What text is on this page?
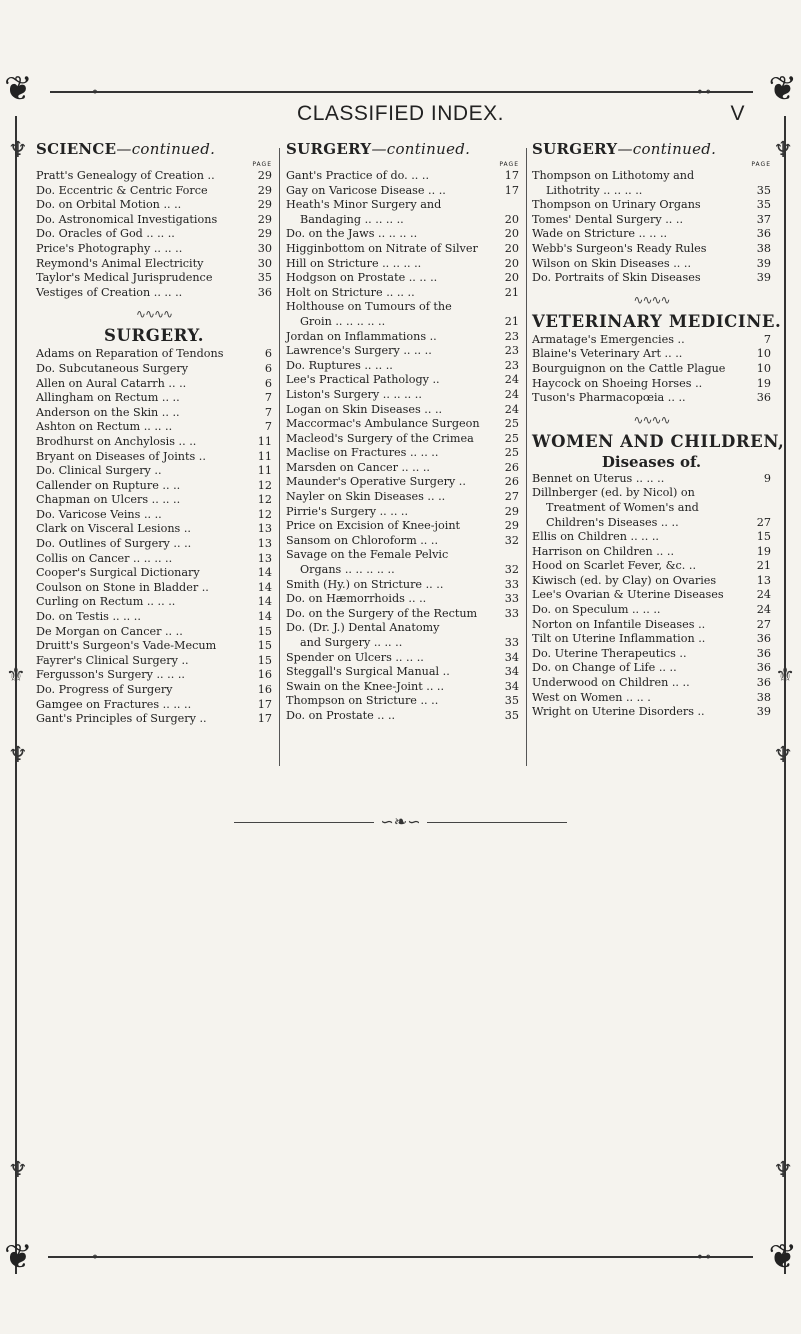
❦	❦
❦	❦
⊸	⊷
⊸	⊷
♆	♆
⚜	⚜
♆	♆
♆	♆
CLASSIFIED INDEX.	V
SCIENCE—continued.
PAGE
Pratt's Genealogy of Creation ..	29
Do. Eccentric & Centric Force	29
Do. on Orbital Motion .. ..	29
Do. Astronomical Investigations	29
Do. Oracles of God .. .. ..	29
Price's Photography .. .. ..	30
Reymond's Animal Electricity	30
Taylor's Medical Jurisprudence	35
Vestiges of Creation .. .. ..	36
∿∿∿∿
SURGERY.
Adams on Reparation of Tendons	6
Do. Subcutaneous Surgery	6
Allen on Aural Catarrh .. ..	6
Allingham on Rectum .. ..	7
Anderson on the Skin .. ..	7
Ashton on Rectum .. .. ..	7
Brodhurst on Anchylosis .. ..	11
Bryant on Diseases of Joints ..	11
Do. Clinical Surgery ..	11
Callender on Rupture .. ..	12
Chapman on Ulcers .. .. ..	12
Do. Varicose Veins .. ..	12
Clark on Visceral Lesions ..	13
Do. Outlines of Surgery .. ..	13
Collis on Cancer .. .. .. ..	13
Cooper's Surgical Dictionary	14
Coulson on Stone in Bladder ..	14
Curling on Rectum .. .. ..	14
Do. on Testis .. .. ..	14
De Morgan on Cancer .. ..	15
Druitt's Surgeon's Vade-Mecum	15
Fayrer's Clinical Surgery ..	15
Fergusson's Surgery .. .. ..	16
Do. Progress of Surgery	16
Gamgee on Fractures .. .. ..	17
Gant's Principles of Surgery ..	17
SURGERY—continued.
PAGE
Gant's Practice of do. .. ..	17
Gay on Varicose Disease .. ..	17
Heath's Minor Surgery and
Bandaging .. .. .. ..	20
Do. on the Jaws .. .. .. ..	20
Higginbottom on Nitrate of Silver 20
Hill on Stricture .. .. .. ..	20
Hodgson on Prostate .. .. ..	20
Holt on Stricture .. .. ..	21
Holthouse on Tumours of the
Groin .. .. .. .. ..	21
Jordan on Inflammations ..	23
Lawrence's Surgery .. .. ..	23
Do. Ruptures .. .. ..	23
Lee's Practical Pathology ..	24
Liston's Surgery .. .. .. ..	24
Logan on Skin Diseases .. ..	24
Maccormac's Ambulance Surgeon 25
Macleod's Surgery of the Crimea	25
Maclise on Fractures .. .. ..	25
Marsden on Cancer .. .. ..	26
Maunder's Operative Surgery ..	26
Nayler on Skin Diseases .. ..	27
Pirrie's Surgery .. .. ..	29
Price on Excision of Knee-joint	29
Sansom on Chloroform .. ..	32
Savage on the Female Pelvic
Organs .. .. .. .. ..	32
Smith (Hy.) on Stricture .. ..	33
Do. on Hæmorrhoids .. ..	33
Do. on the Surgery of the Rectum 33
Do. (Dr. J.) Dental Anatomy
and Surgery .. .. ..	33
Spender on Ulcers .. .. ..	34
Steggall's Surgical Manual ..	34
Swain on the Knee-Joint .. ..	34
Thompson on Stricture .. ..	35
Do. on Prostate .. ..	35
SURGERY—continued.
PAGE
Thompson on Lithotomy and
Lithotrity .. .. .. ..	35
Thompson on Urinary Organs	35
Tomes' Dental Surgery .. ..	37
Wade on Stricture .. .. ..	36
Webb's Surgeon's Ready Rules	38
Wilson on Skin Diseases .. ..	39
Do. Portraits of Skin Diseases	39
∿∿∿∿
VETERINARY MEDICINE.
Armatage's Emergencies ..	7
Blaine's Veterinary Art .. ..	10
Bourguignon on the Cattle Plague	10
Haycock on Shoeing Horses ..	19
Tuson's Pharmacopœia .. ..	36
∿∿∿∿
WOMEN AND CHILDREN,
Diseases of.
Bennet on Uterus .. .. ..	9
Dillnberger (ed. by Nicol) on
Treatment of Women's and
Children's Diseases .. ..	27
Ellis on Children .. .. ..	15
Harrison on Children .. ..	19
Hood on Scarlet Fever, &c. ..	21
Kiwisch (ed. by Clay) on Ovaries	13
Lee's Ovarian & Uterine Diseases	24
Do. on Speculum .. .. ..	24
Norton on Infantile Diseases ..	27
Tilt on Uterine Inflammation ..	36
Do. Uterine Therapeutics ..	36
Do. on Change of Life .. ..	36
Underwood on Children .. ..	36
West on Women .. .. .	38
Wright on Uterine Disorders ..	39
∽❧∽
